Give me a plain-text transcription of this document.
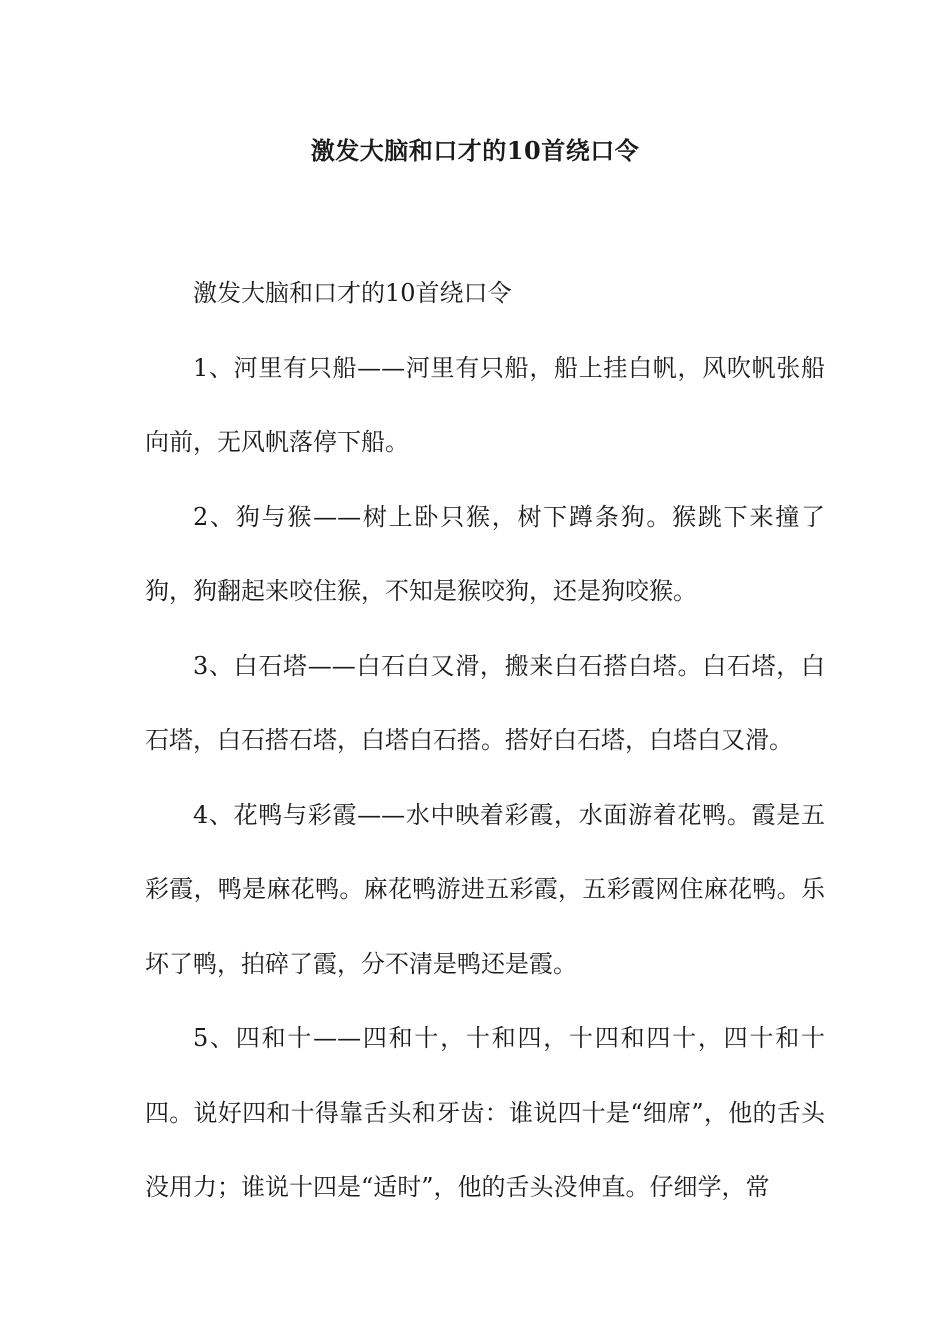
激发大脑和口才的10首绕口令

激发大脑和口才的10首绕口令

1、河里有只船——河里有只船，船上挂白帆，风吹帆张船向前，无风帆落停下船。

2、狗与猴——树上卧只猴，树下蹲条狗。猴跳下来撞了狗，狗翻起来咬住猴，不知是猴咬狗，还是狗咬猴。

3、白石塔——白石白又滑，搬来白石搭白塔。白石塔，白石塔，白石搭石塔，白塔白石搭。搭好白石塔，白塔白又滑。

4、花鸭与彩霞——水中映着彩霞，水面游着花鸭。霞是五彩霞，鸭是麻花鸭。麻花鸭游进五彩霞，五彩霞网住麻花鸭。乐坏了鸭，拍碎了霞，分不清是鸭还是霞。

5、四和十——四和十，十和四，十四和四十，四十和十四。说好四和十得靠舌头和牙齿：谁说四十是“细席”，他的舌头没用力；谁说十四是“适时”，他的舌头没伸直。仔细学，常
